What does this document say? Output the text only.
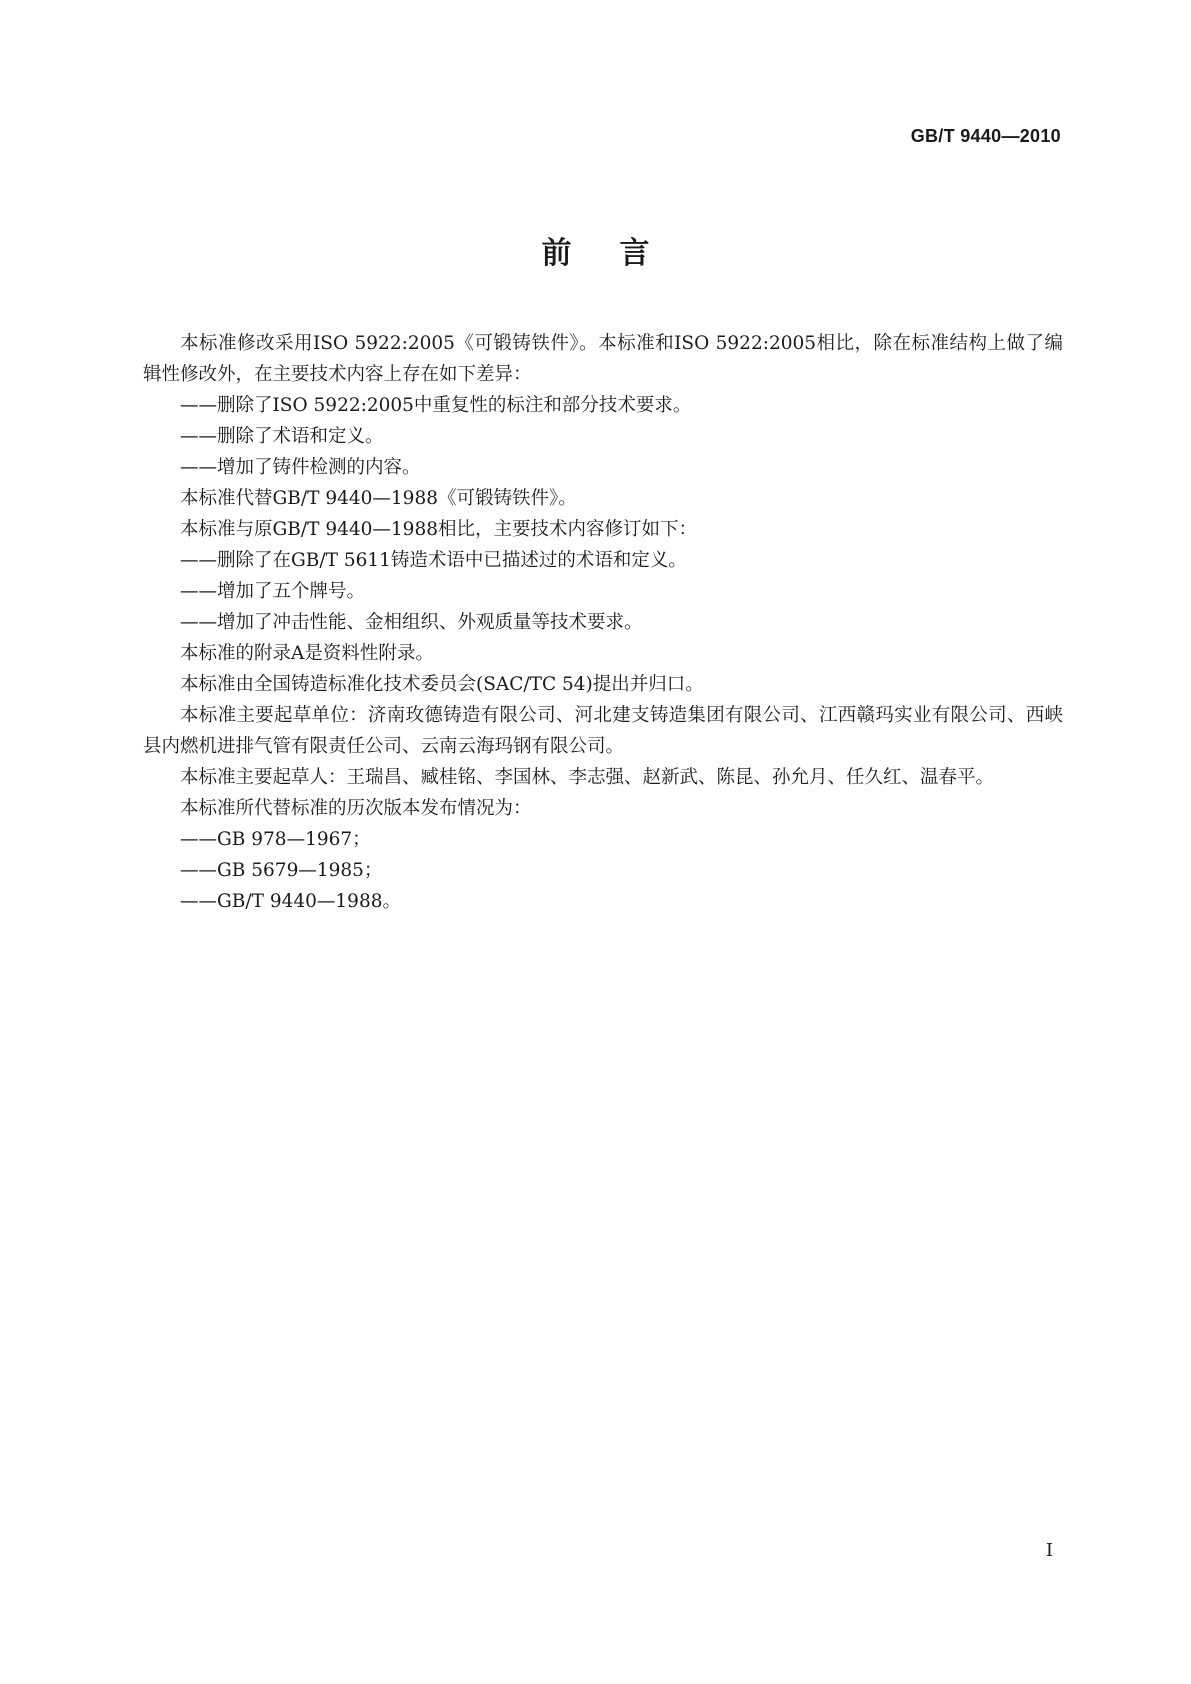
GB/T 9440—2010
前言

本标准修改采用ISO 5922:2005《可锻铸铁件》。本标准和ISO 5922:2005相比，除在标准结构上做了编辑性修改外，在主要技术内容上存在如下差异：

——删除了ISO 5922:2005中重复性的标注和部分技术要求。

——删除了术语和定义。

——增加了铸件检测的内容。

本标准代替GB/T 9440—1988《可锻铸铁件》。

本标准与原GB/T 9440—1988相比，主要技术内容修订如下：

——删除了在GB/T 5611铸造术语中已描述过的术语和定义。

——增加了五个牌号。

——增加了冲击性能、金相组织、外观质量等技术要求。

本标准的附录A是资料性附录。

本标准由全国铸造标准化技术委员会(SAC/TC 54)提出并归口。

本标准主要起草单位：济南玫德铸造有限公司、河北建支铸造集团有限公司、江西赣玛实业有限公司、西峡县内燃机进排气管有限责任公司、云南云海玛钢有限公司。

本标准主要起草人：王瑞昌、臧桂铭、李国林、李志强、赵新武、陈昆、孙允月、任久红、温春平。

本标准所代替标准的历次版本发布情况为：

——GB 978—1967；

——GB 5679—1985；

——GB/T 9440—1988。

I
